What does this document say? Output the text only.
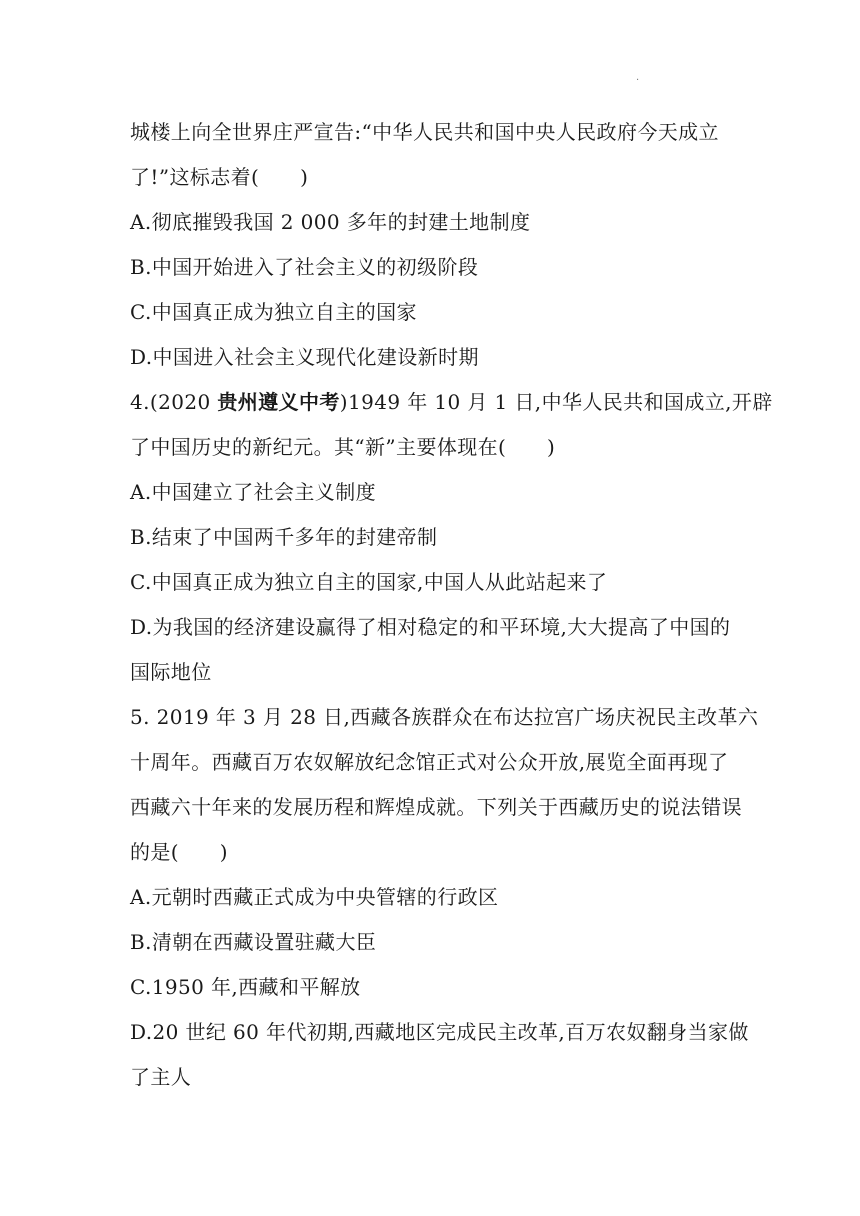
.
城楼上向全世界庄严宣告:“中华人民共和国中央人民政府今天成立
了!”这标志着(　　)
A.彻底摧毁我国 2 000 多年的封建土地制度
B.中国开始进入了社会主义的初级阶段
C.中国真正成为独立自主的国家
D.中国进入社会主义现代化建设新时期
4.(2020 贵州遵义中考)1949 年 10 月 1 日,中华人民共和国成立,开辟
了中国历史的新纪元。其“新”主要体现在(　　)
A.中国建立了社会主义制度
B.结束了中国两千多年的封建帝制
C.中国真正成为独立自主的国家,中国人从此站起来了
D.为我国的经济建设赢得了相对稳定的和平环境,大大提高了中国的
国际地位
5. 2019 年 3 月 28 日,西藏各族群众在布达拉宫广场庆祝民主改革六
十周年。西藏百万农奴解放纪念馆正式对公众开放,展览全面再现了
西藏六十年来的发展历程和辉煌成就。下列关于西藏历史的说法错误
的是(　　)
A.元朝时西藏正式成为中央管辖的行政区
B.清朝在西藏设置驻藏大臣
C.1950 年,西藏和平解放
D.20 世纪 60 年代初期,西藏地区完成民主改革,百万农奴翻身当家做
了主人
